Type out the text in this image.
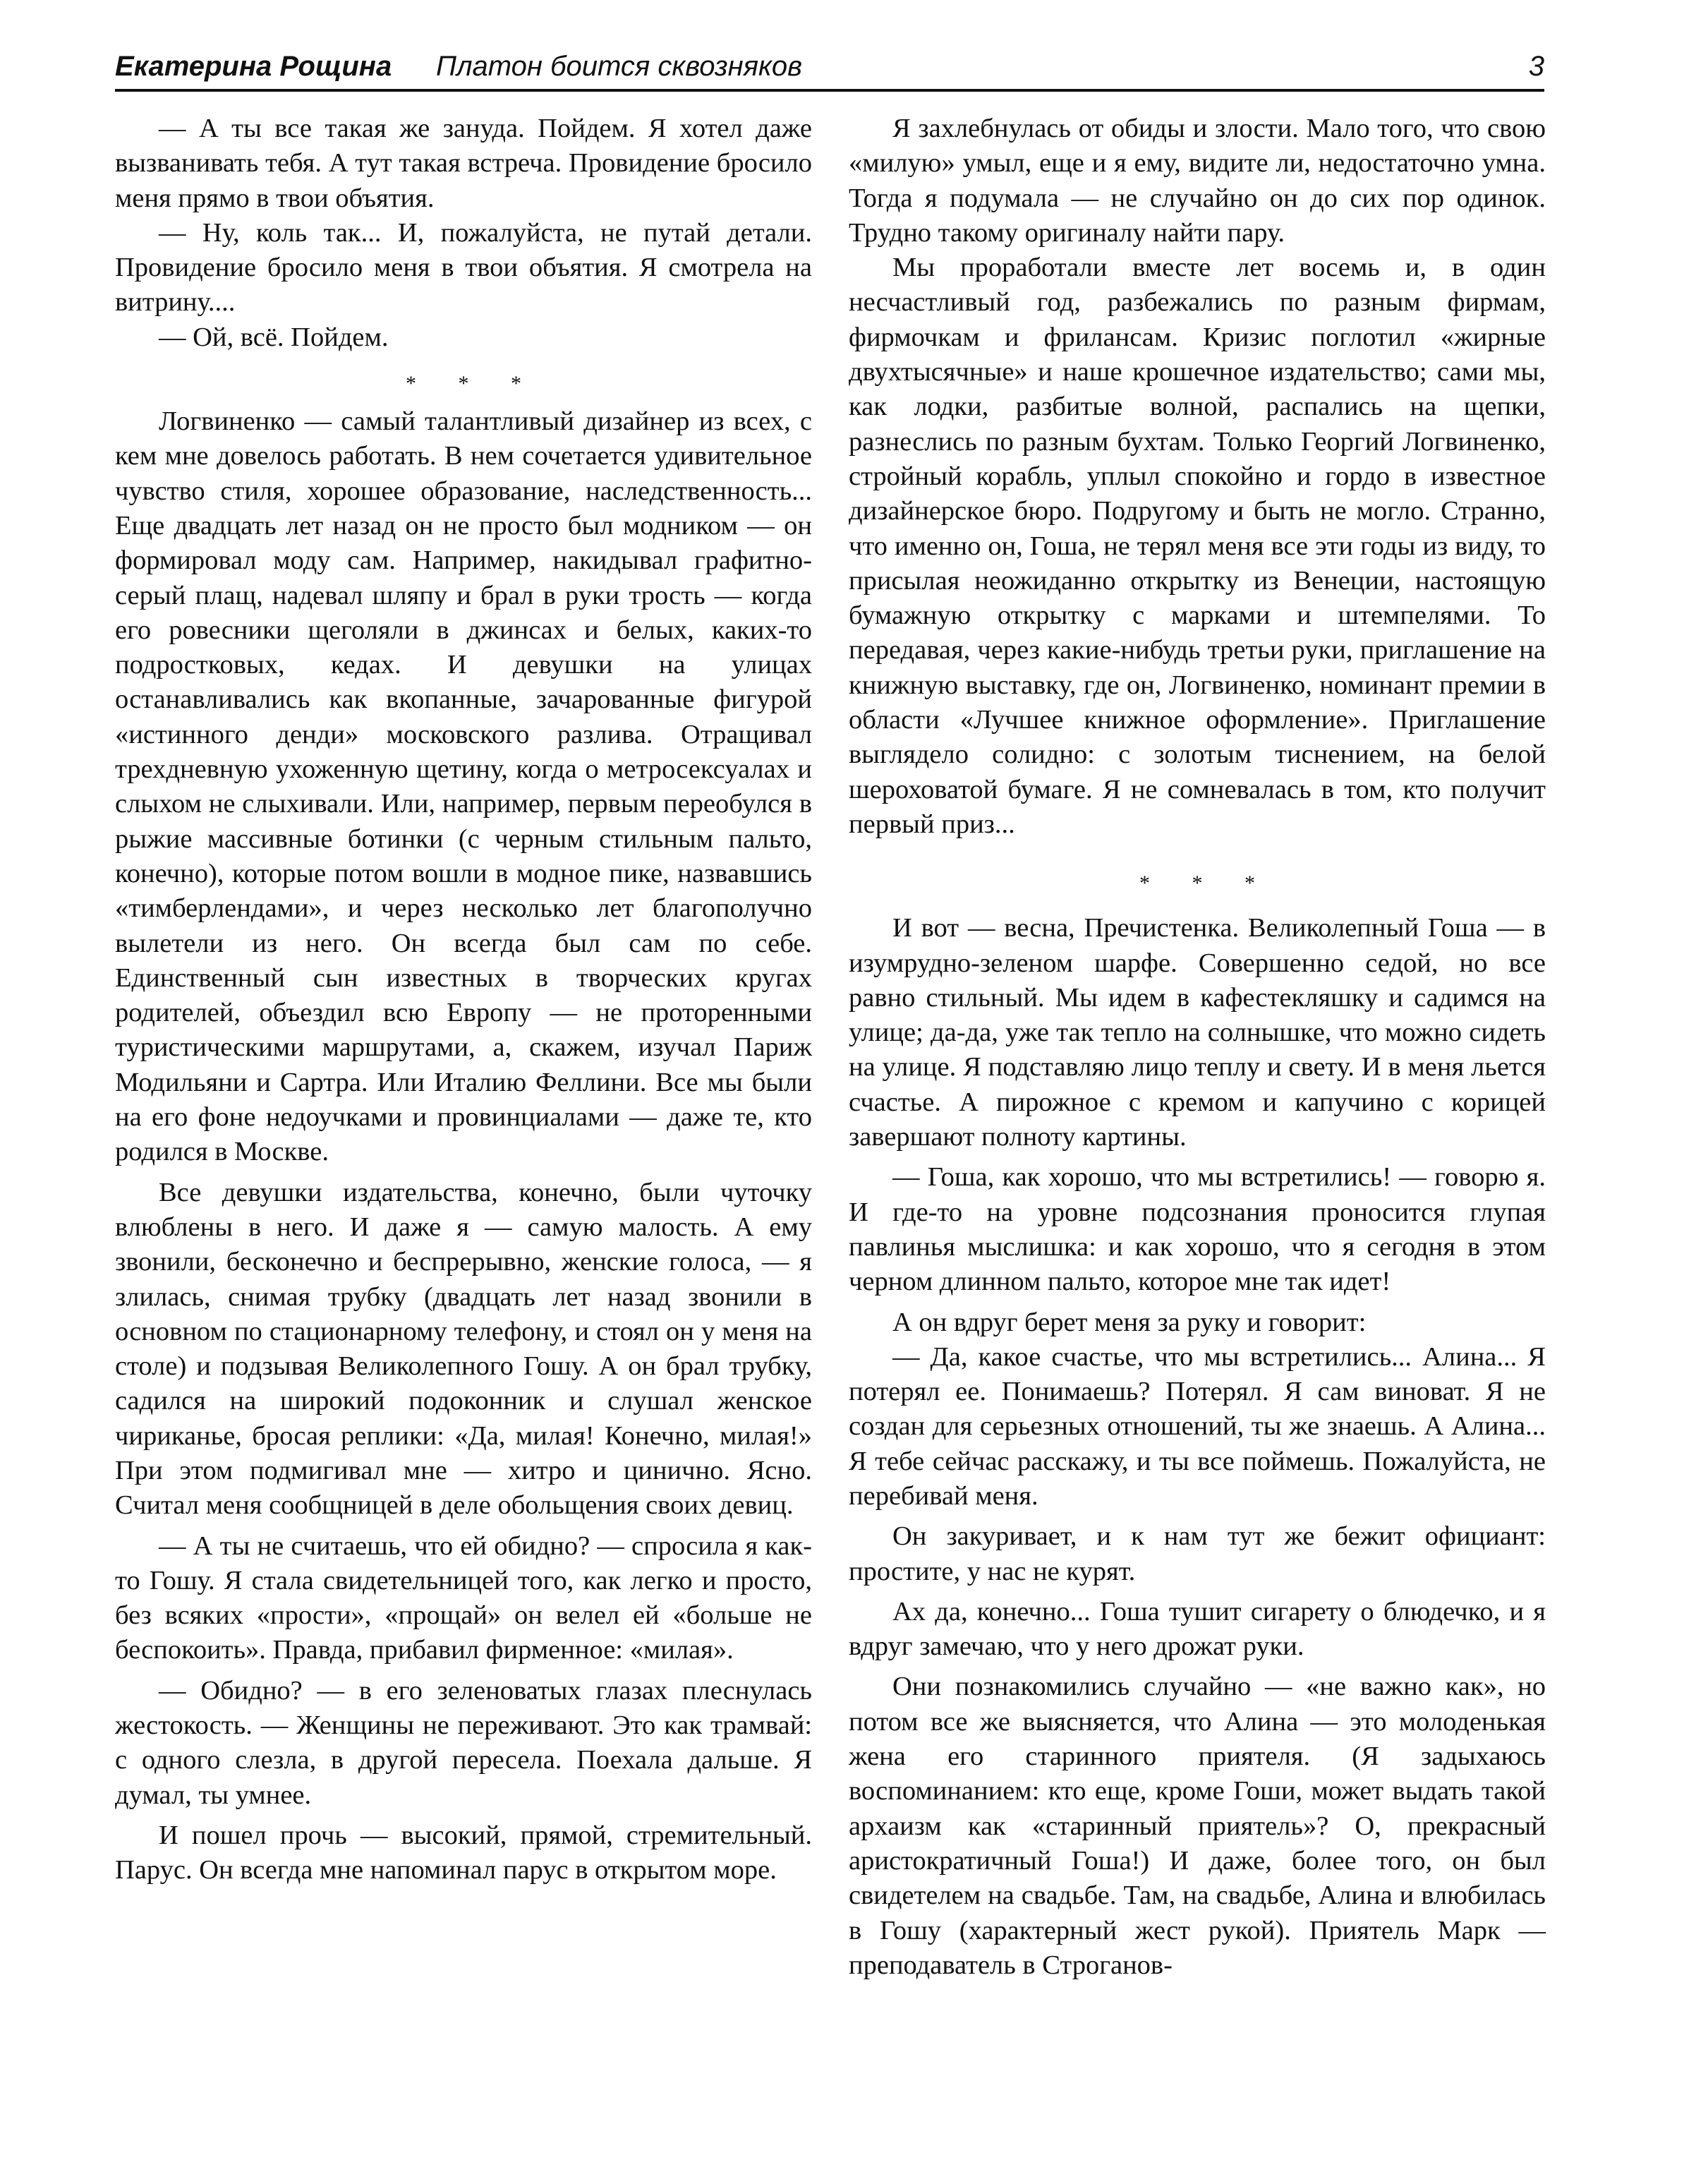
Екатерина Рощина Платон боится сквозняков	3

— А ты все такая же зануда. Пойдем. Я хотел даже вызванивать тебя. А тут такая встреча. Провидение бросило меня прямо в твои объятия.

— Ну, коль так... И, пожалуйста, не путай детали. Провидение бросило меня в твои объятия. Я смотрела на витрину....

— Ой, всё. Пойдем.

* * *

Логвиненко — самый талантливый дизайнер из всех, с кем мне довелось работать. В нем сочетается удивительное чувство стиля, хорошее образование, наследственность... Еще двадцать лет назад он не просто был модником — он формировал моду сам. Например, накидывал графитно-серый плащ, надевал шляпу и брал в руки трость — когда его ровесники щеголяли в джинсах и белых, каких-то подростковых, кедах. И девушки на улицах останавливались как вкопанные, зачарованные фигурой «истинного денди» московского разлива. Отращивал трехдневную ухоженную щетину, когда о метросексуалах и слыхом не слыхивали. Или, например, первым переобулся в рыжие массивные ботинки (с черным стильным пальто, конечно), которые потом вошли в модное пике, назвавшись «тимберлендами», и через несколько лет благополучно вылетели из него. Он всегда был сам по себе. Единственный сын известных в творческих кругах родителей, объездил всю Европу — не проторенными туристическими маршрутами, а, скажем, изучал Париж Модильяни и Сартра. Или Италию Феллини. Все мы были на его фоне недоучками и провинциалами — даже те, кто родился в Москве.

Все девушки издательства, конечно, были чуточку влюблены в него. И даже я — самую малость. А ему звонили, бесконечно и беспрерывно, женские голоса, — я злилась, снимая трубку (двадцать лет назад звонили в основном по стационарному телефону, и стоял он у меня на столе) и подзывая Великолепного Гошу. А он брал трубку, садился на широкий подоконник и слушал женское чириканье, бросая реплики: «Да, милая! Конечно, милая!» При этом подмигивал мне — хитро и цинично. Ясно. Считал меня сообщницей в деле обольщения своих девиц.

— А ты не считаешь, что ей обидно? — спросила я как-то Гошу. Я стала свидетельницей того, как легко и просто, без всяких «прости», «прощай» он велел ей «больше не беспокоить». Правда, прибавил фирменное: «милая».

— Обидно? — в его зеленоватых глазах плеснулась жестокость. — Женщины не переживают. Это как трамвай: с одного слезла, в другой пересела. Поехала дальше. Я думал, ты умнее.

И пошел прочь — высокий, прямой, стремительный. Парус. Он всегда мне напоминал парус в открытом море.

Я захлебнулась от обиды и злости. Мало того, что свою «милую» умыл, еще и я ему, видите ли, недостаточно умна. Тогда я подумала — не случайно он до сих пор одинок. Трудно такому оригиналу найти пару.

Мы проработали вместе лет восемь и, в один несчастливый год, разбежались по разным фирмам, фирмочкам и фрилансам. Кризис поглотил «жирные двухтысячные» и наше крошечное издательство; сами мы, как лодки, разбитые волной, распались на щепки, разнеслись по разным бухтам. Только Георгий Логвиненко, стройный корабль, уплыл спокойно и гордо в известное дизайнерское бюро. Подругому и быть не могло. Странно, что именно он, Гоша, не терял меня все эти годы из виду, то присылая неожиданно открытку из Венеции, настоящую бумажную открытку с марками и штемпелями. То передавая, через какие-нибудь третьи руки, приглашение на книжную выставку, где он, Логвиненко, номинант премии в области «Лучшее книжное оформление». Приглашение выглядело солидно: с золотым тиснением, на белой шероховатой бумаге. Я не сомневалась в том, кто получит первый приз...

* * *

И вот — весна, Пречистенка. Великолепный Гоша — в изумрудно-зеленом шарфе. Совершенно седой, но все равно стильный. Мы идем в кафестекляшку и садимся на улице; да-да, уже так тепло на солнышке, что можно сидеть на улице. Я подставляю лицо теплу и свету. И в меня льется счастье. А пирожное с кремом и капучино с корицей завершают полноту картины.

— Гоша, как хорошо, что мы встретились! — говорю я. И где-то на уровне подсознания проносится глупая павлинья мыслишка: и как хорошо, что я сегодня в этом черном длинном пальто, которое мне так идет!

А он вдруг берет меня за руку и говорит:

— Да, какое счастье, что мы встретились... Алина... Я потерял ее. Понимаешь? Потерял. Я сам виноват. Я не создан для серьезных отношений, ты же знаешь. А Алина... Я тебе сейчас расскажу, и ты все поймешь. Пожалуйста, не перебивай меня.

Он закуривает, и к нам тут же бежит официант: простите, у нас не курят.

Ах да, конечно... Гоша тушит сигарету о блюдечко, и я вдруг замечаю, что у него дрожат руки.

Они познакомились случайно — «не важно как», но потом все же выясняется, что Алина — это молоденькая жена его старинного приятеля. (Я задыхаюсь воспоминанием: кто еще, кроме Гоши, может выдать такой архаизм как «старинный приятель»? О, прекрасный аристократичный Гоша!) И даже, более того, он был свидетелем на свадьбе. Там, на свадьбе, Алина и влюбилась в Гошу (характерный жест рукой). Приятель Марк — преподаватель в Строганов-
